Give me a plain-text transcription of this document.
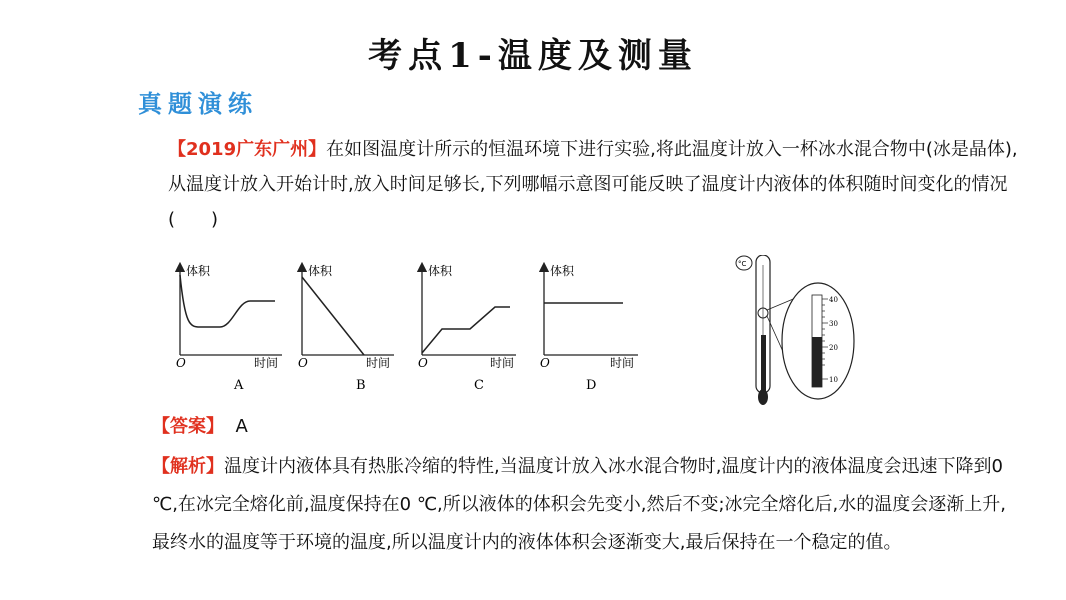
考点1-温度及测量
真题演练
【2019广东广州】在如图温度计所示的恒温环境下进行实验,将此温度计放入一杯冰水混合物中(冰是晶体),从温度计放入开始计时,放入时间足够长,下列哪幅示意图可能反映了温度计内液体的体积随时间变化的情况　(　　)
体积
时间
O
A
体积
时间
O
B
体积
时间
O
C
体积
时间
O
D
°C
40
30
20
10
【答案】 A
【解析】温度计内液体具有热胀冷缩的特性,当温度计放入冰水混合物时,温度计内的液体温度会迅速下降到0 ℃,在冰完全熔化前,温度保持在0 ℃,所以液体的体积会先变小,然后不变;冰完全熔化后,水的温度会逐渐上升,最终水的温度等于环境的温度,所以温度计内的液体体积会逐渐变大,最后保持在一个稳定的值。
